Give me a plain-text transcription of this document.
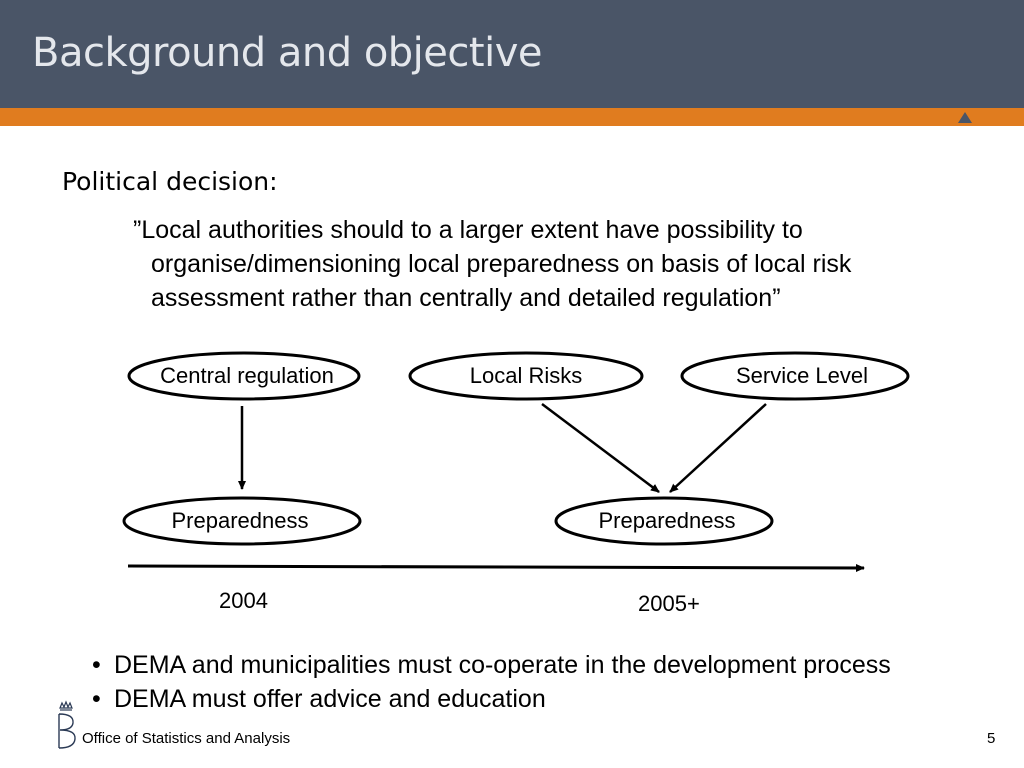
Background and objective
Political decision:
”Local authorities should to a larger extent have possibility to
organise/dimensioning local preparedness on basis of local risk
assessment rather than centrally and detailed regulation”
Central regulation	Local Risks	Service Level
Preparedness	Preparedness
2004	2005+
• DEMA and municipalities must co-operate in the development process
• DEMA must offer advice and education
Office of Statistics and Analysis	5
